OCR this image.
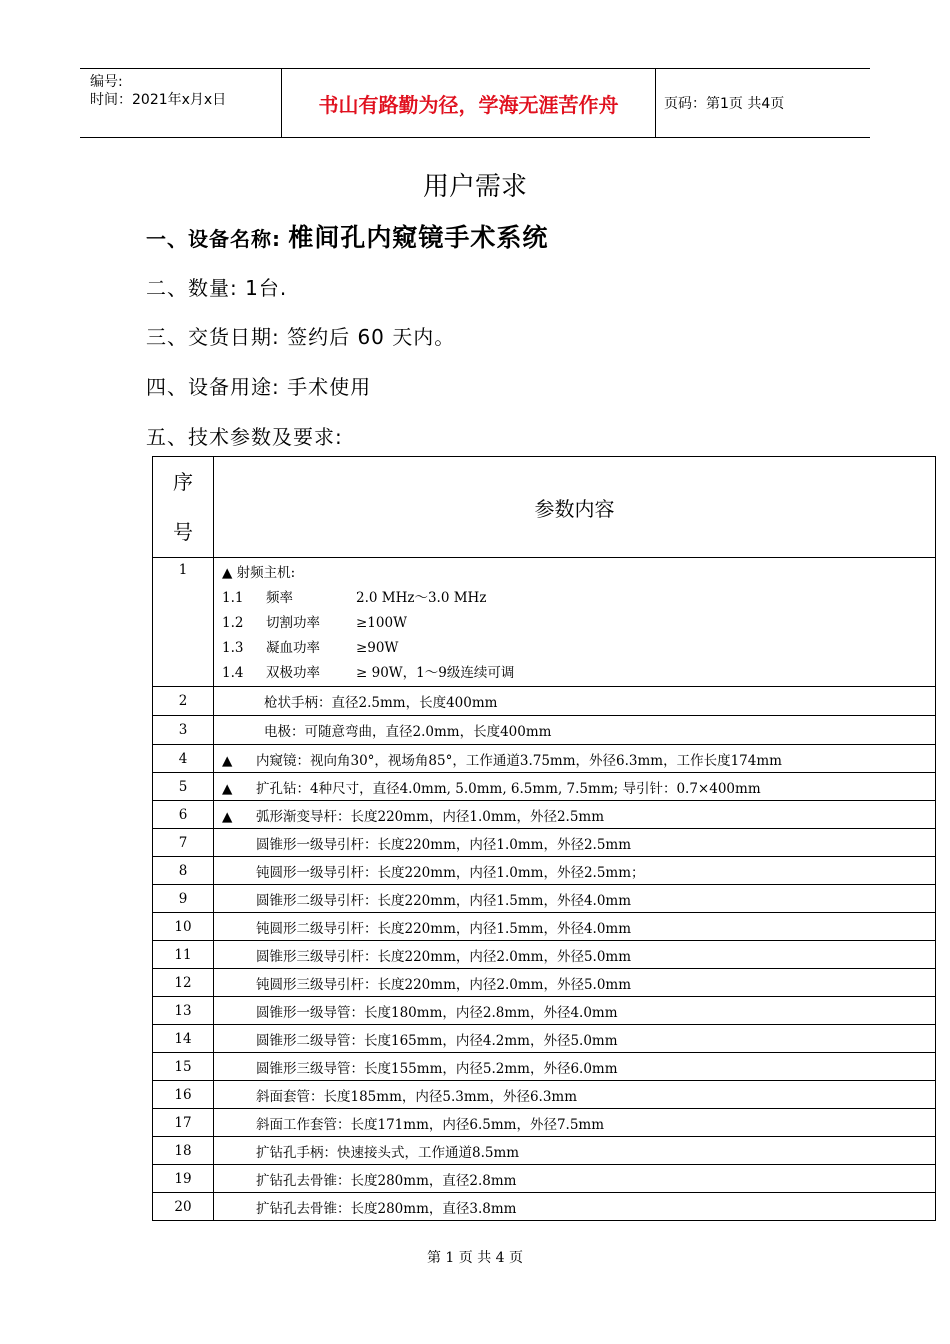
编号:
时间：2021年x月x日	书山有路勤为径，学海无涯苦作舟	页码：第1页 共4页
用户需求
一、设备名称: 椎间孔内窥镜手术系统
二、数量: 1台.
三、交货日期: 签约后 60 天内。
四、设备用途: 手术使用
五、技术参数及要求:
序
号	参数内容
1	▲ 射频主机:
1.1 频率 2.0 MHz～3.0 MHz
1.2 切割功率 ≥100W
1.3 凝血功率 ≥90W
1.4 双极功率 ≥ 90W，1～9级连续可调

2	枪状手柄：直径2.5mm，长度400mm
3	电极：可随意弯曲，直径2.0mm，长度400mm
4	▲ 内窥镜：视向角30°，视场角85°，工作通道3.75mm，外径6.3mm，工作长度174mm
5	▲ 扩孔钻：4种尺寸，直径4.0mm, 5.0mm, 6.5mm, 7.5mm; 导引针：0.7×400mm
6	▲ 弧形渐变导杆：长度220mm，内径1.0mm，外径2.5mm
7	圆锥形一级导引杆：长度220mm，内径1.0mm，外径2.5mm
8	钝圆形一级导引杆：长度220mm，内径1.0mm，外径2.5mm；
9	圆锥形二级导引杆：长度220mm，内径1.5mm，外径4.0mm
10	钝圆形二级导引杆：长度220mm，内径1.5mm，外径4.0mm
11	圆锥形三级导引杆：长度220mm，内径2.0mm，外径5.0mm
12	钝圆形三级导引杆：长度220mm，内径2.0mm，外径5.0mm
13	圆锥形一级导管：长度180mm，内径2.8mm，外径4.0mm
14	圆锥形二级导管：长度165mm，内径4.2mm，外径5.0mm
15	圆锥形三级导管：长度155mm，内径5.2mm，外径6.0mm
16	斜面套管：长度185mm，内径5.3mm，外径6.3mm
17	斜面工作套管：长度171mm，内径6.5mm，外径7.5mm
18	扩钻孔手柄：快速接头式，工作通道8.5mm
19	扩钻孔去骨锥：长度280mm，直径2.8mm
20	扩钻孔去骨锥：长度280mm，直径3.8mm
第 1 页 共 4 页
